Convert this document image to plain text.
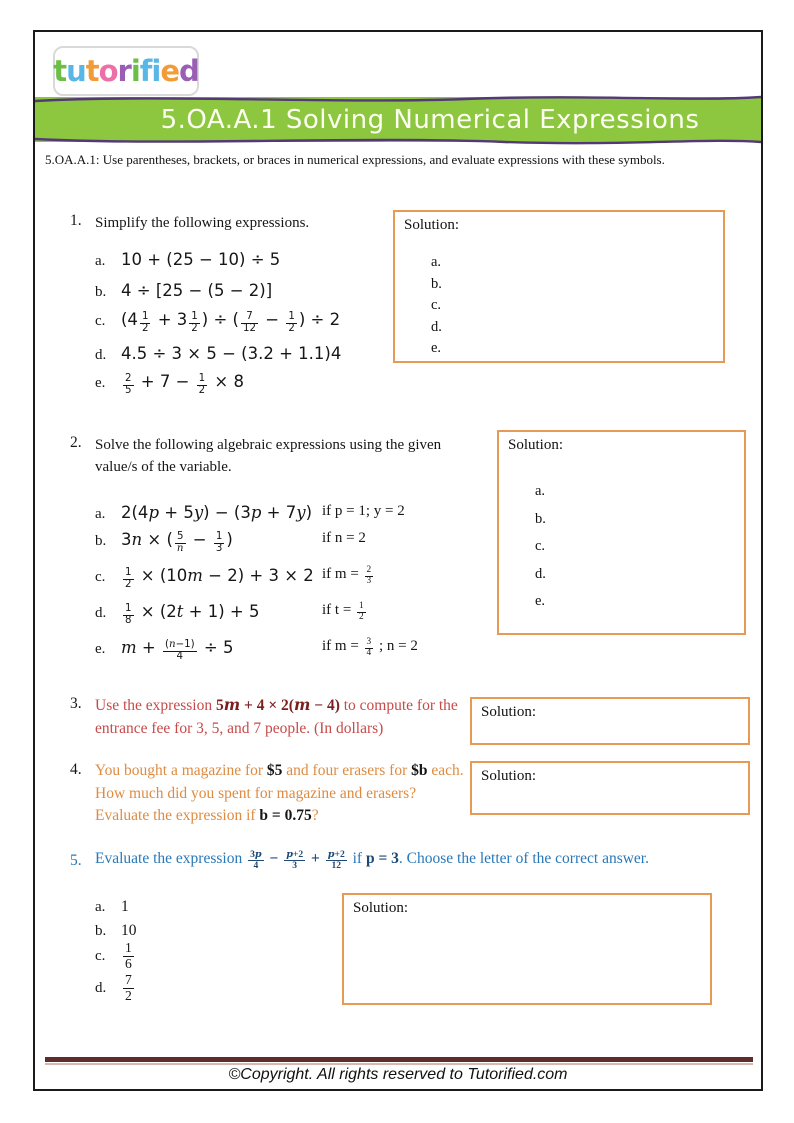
t u t o r i f i e d
5.OA.A.1 Solving Numerical Expressions

5.OA.A.1: Use parentheses, brackets, or braces in numerical expressions, and evaluate expressions with these symbols.

1. Simplify the following expressions.

a. 10 + (25 − 10) ÷ 5
b. 4 ÷ [25 − (5 − 2)]
c. ($4 \frac{1}{2} + 3 \frac{1}{2}$ ) ÷ ( $\frac{7}{12} - \frac{1}{2}$ ) ÷ 2
d. 4.5 ÷ 3 × 5 − (3.2 + 1.1)4
e. $\frac{2}{5} + 7 - \frac{1}{2} \times 8$
Solution:
a.
b.
c.
d.
e.
2. Solve the following algebraic expressions using the given value/s of the variable.

a. 2(4p + 5y) − (3p + 7y) if p = 1; y = 2
b. 3n × ( $\frac{5}{n} - \frac{1}{3}$ )	if n = 2
c. $\frac{1}{2} \times (10m - 2) + 3 \times 2$ if $m = \frac{2}{3}$
d. $\frac{1}{8} \times (2t + 1) + 5$	if $t = \frac{1}{2}$
e. $m + \frac{(n-1)}{4} \div 5$	if $m = \frac{3}{4}$ ; n = 2
Solution:
a.
b.
c.
d.
e.
3. Use the expression 5m + 4 × 2(m − 4) to compute for the entrance fee for 3, 5, and 7 people. (In dollars)

Solution:
4. You bought a magazine for $5 and four erasers for $b each. How much did you spent for magazine and erasers? Evaluate the expression if b = 0.75?

Solution:
5. Evaluate the expression $\frac{3p}{4} - \frac{p+2}{3} + \frac{p+2}{12}$ if p = 3. Choose the letter of the correct answer.

a. 1
b. 10
c. $\frac{1}{6}$
d. $\frac{7}{2}$
Solution:

©Copyright. All rights reserved to Tutorified.com
